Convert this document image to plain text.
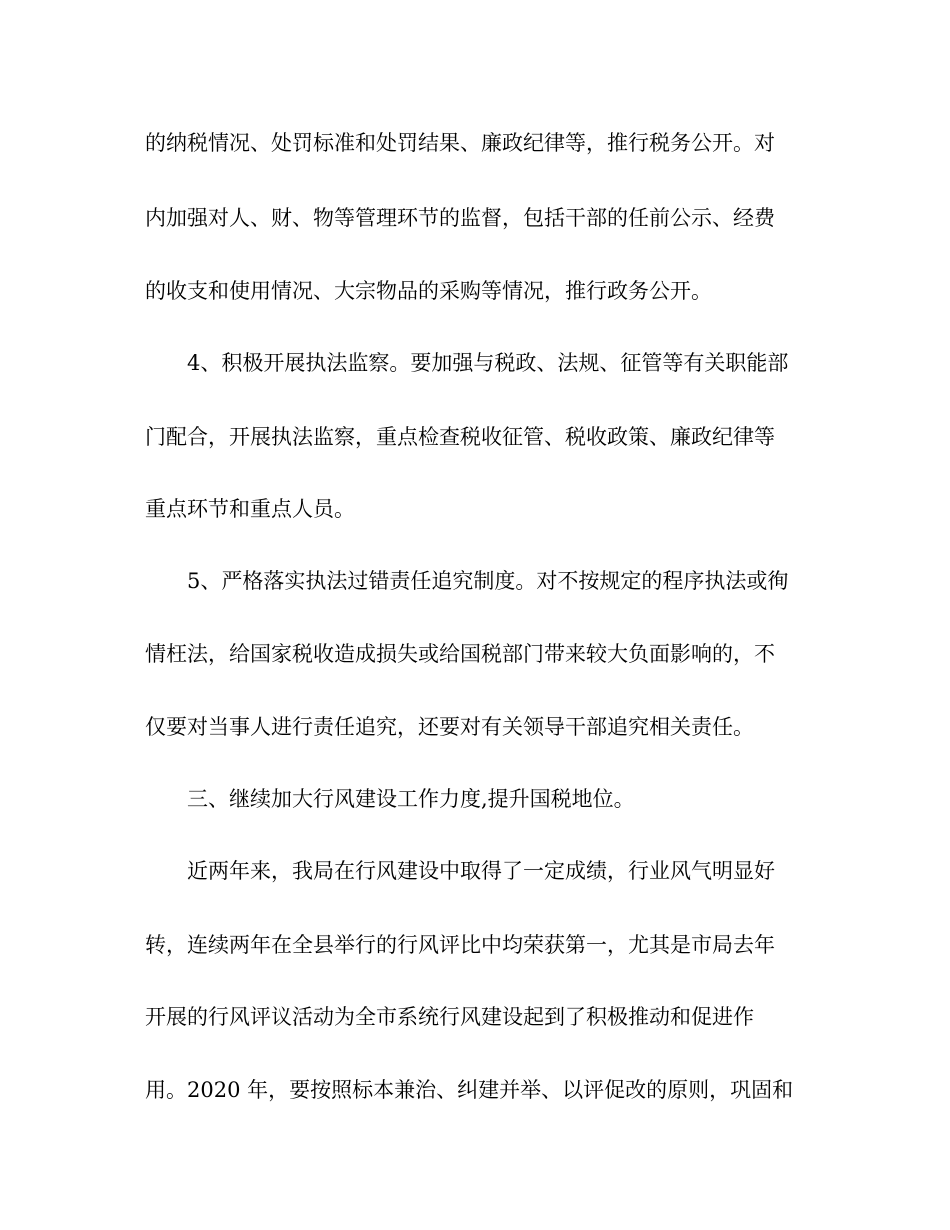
的纳税情况、处罚标准和处罚结果、廉政纪律等，推行税务公开。对
内加强对人、财、物等管理环节的监督，包括干部的任前公示、经费
的收支和使用情况、大宗物品的采购等情况，推行政务公开。
4、积极开展执法监察。要加强与税政、法规、征管等有关职能部
门配合，开展执法监察，重点检查税收征管、税收政策、廉政纪律等
重点环节和重点人员。
5、严格落实执法过错责任追究制度。对不按规定的程序执法或徇
情枉法，给国家税收造成损失或给国税部门带来较大负面影响的，不
仅要对当事人进行责任追究，还要对有关领导干部追究相关责任。
三、继续加大行风建设工作力度,提升国税地位。
近两年来，我局在行风建设中取得了一定成绩，行业风气明显好
转，连续两年在全县举行的行风评比中均荣获第一，尤其是市局去年
开展的行风评议活动为全市系统行风建设起到了积极推动和促进作
用。2020 年，要按照标本兼治、纠建并举、以评促改的原则，巩固和
